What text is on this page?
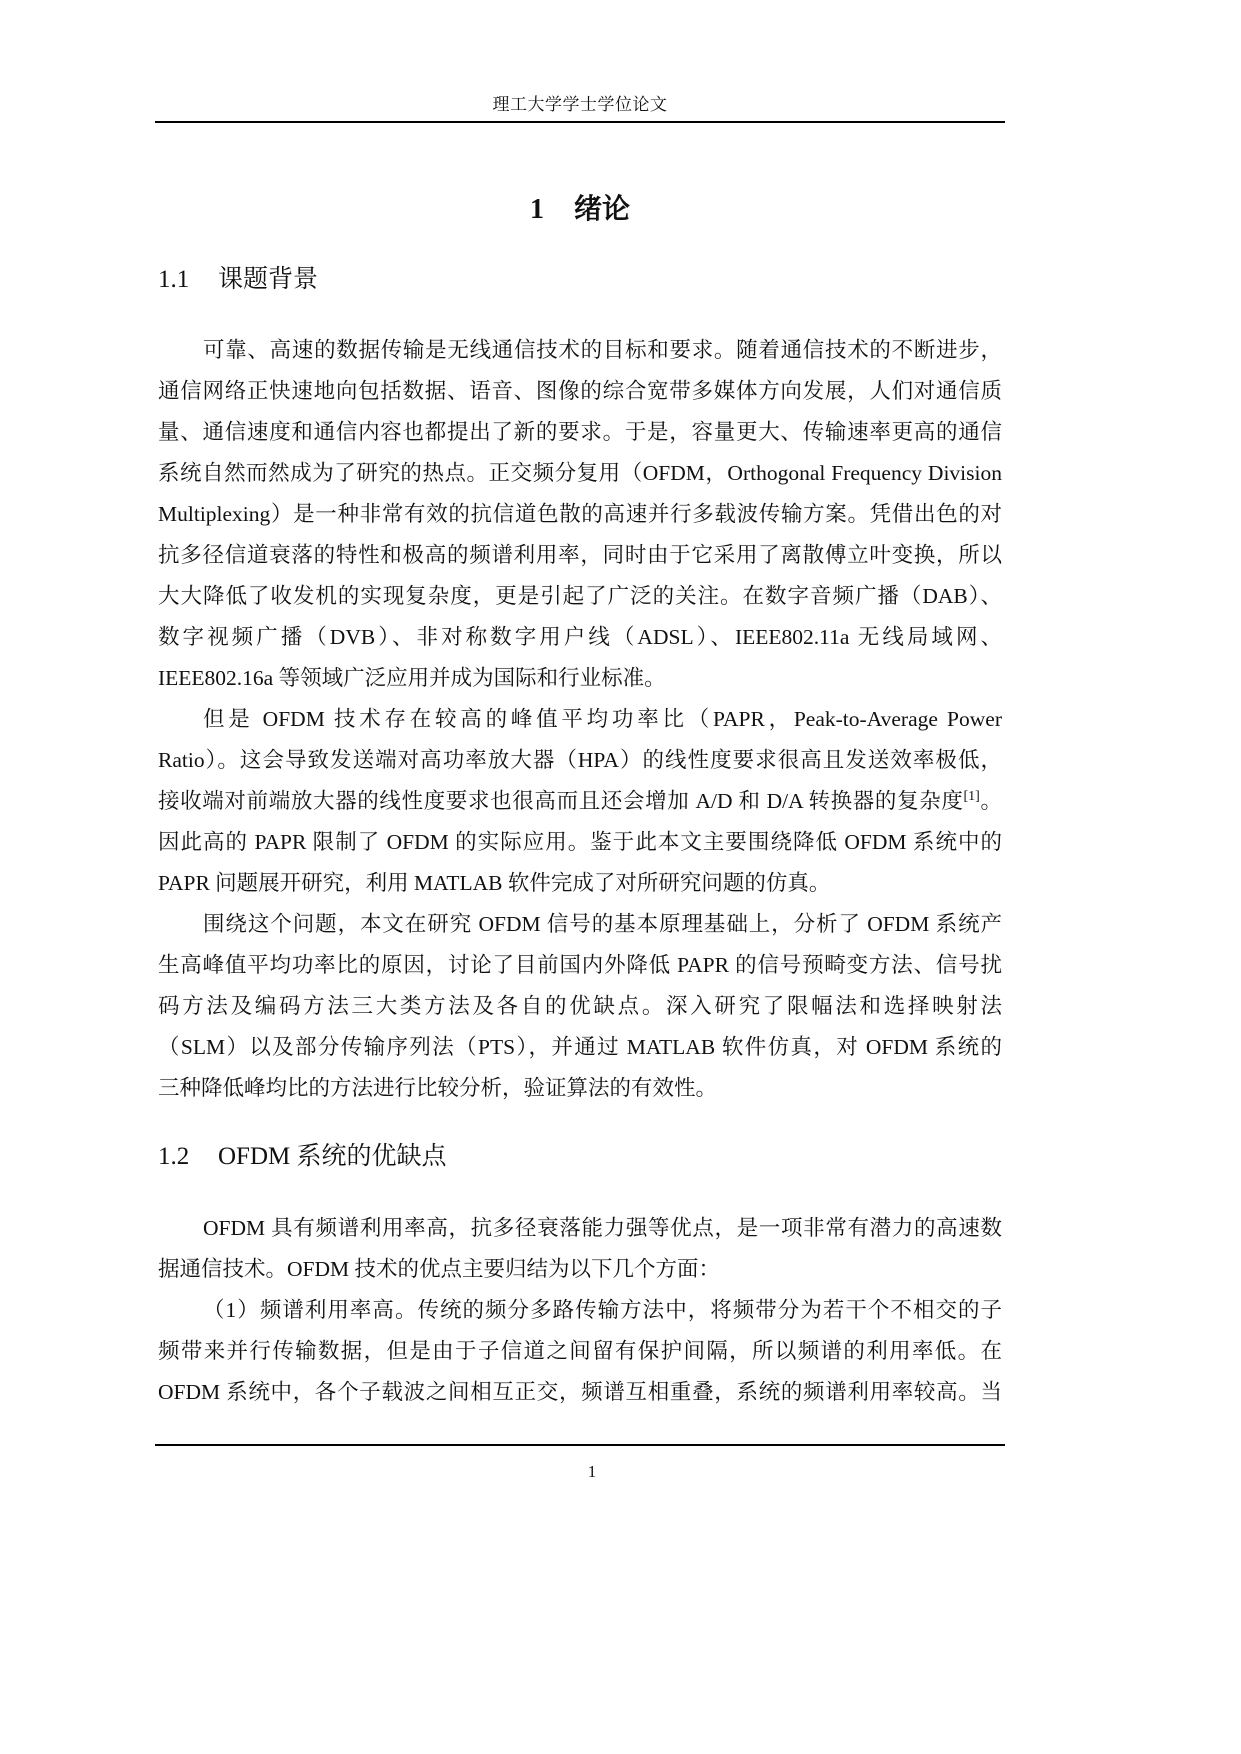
理工大学学士学位论文
1 绪论
1.1 课题背景
可靠、高速的数据传输是无线通信技术的目标和要求。随着通信技术的不断进步，
通信网络正快速地向包括数据、语音、图像的综合宽带多媒体方向发展，人们对通信质
量、通信速度和通信内容也都提出了新的要求。于是，容量更大、传输速率更高的通信
系统自然而然成为了研究的热点。正交频分复用（OFDM，Orthogonal Frequency Division
Multiplexing）是一种非常有效的抗信道色散的高速并行多载波传输方案。凭借出色的对
抗多径信道衰落的特性和极高的频谱利用率，同时由于它采用了离散傅立叶变换，所以
大大降低了收发机的实现复杂度，更是引起了广泛的关注。在数字音频广播（DAB）、
数字视频广播（DVB）、非对称数字用户线（ADSL）、IEEE802.11a 无线局域网、
IEEE802.16a 等领域广泛应用并成为国际和行业标准。
但是 OFDM 技术存在较高的峰值平均功率比（PAPR，Peak-to-Average Power
Ratio）。这会导致发送端对高功率放大器（HPA）的线性度要求很高且发送效率极低，
接收端对前端放大器的线性度要求也很高而且还会增加 A/D 和 D/A 转换器的复杂度[1]。
因此高的 PAPR 限制了 OFDM 的实际应用。鉴于此本文主要围绕降低 OFDM 系统中的
PAPR 问题展开研究，利用 MATLAB 软件完成了对所研究问题的仿真。
围绕这个问题，本文在研究 OFDM 信号的基本原理基础上，分析了 OFDM 系统产
生高峰值平均功率比的原因，讨论了目前国内外降低 PAPR 的信号预畸变方法、信号扰
码方法及编码方法三大类方法及各自的优缺点。深入研究了限幅法和选择映射法
（SLM）以及部分传输序列法（PTS），并通过 MATLAB 软件仿真，对 OFDM 系统的
三种降低峰均比的方法进行比较分析，验证算法的有效性。
1.2 OFDM 系统的优缺点
OFDM 具有频谱利用率高，抗多径衰落能力强等优点，是一项非常有潜力的高速数
据通信技术。OFDM 技术的优点主要归结为以下几个方面：
（1）频谱利用率高。传统的频分多路传输方法中，将频带分为若干个不相交的子
频带来并行传输数据，但是由于子信道之间留有保护间隔，所以频谱的利用率低。在
OFDM 系统中，各个子载波之间相互正交，频谱互相重叠，系统的频谱利用率较高。当
1
